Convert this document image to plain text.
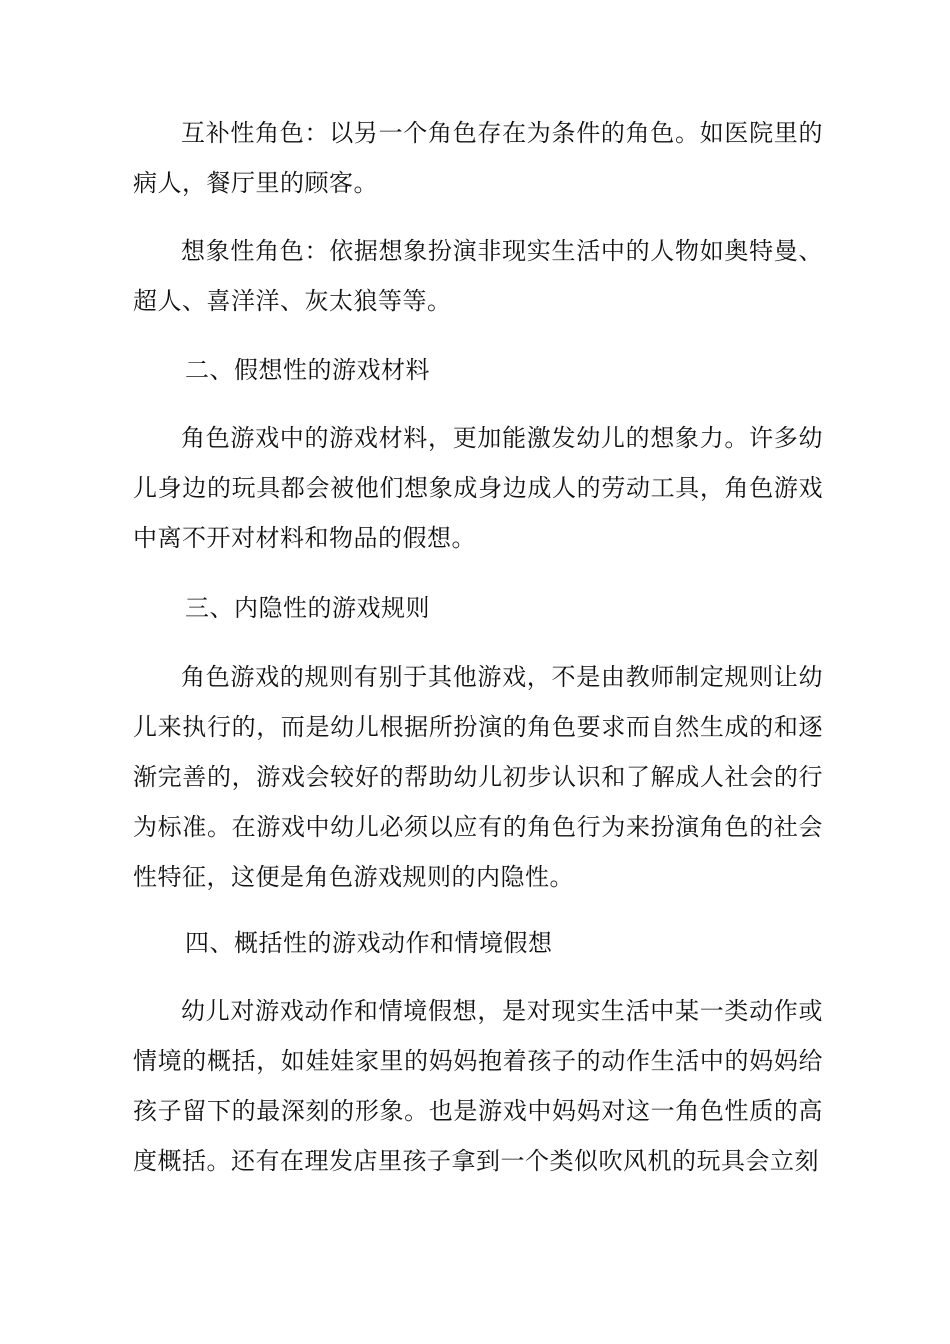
互补性角色：以另一个角色存在为条件的角色。如医院里的病人，餐厅里的顾客。

想象性角色：依据想象扮演非现实生活中的人物如奥特曼、超人、喜洋洋、灰太狼等等。

二、假想性的游戏材料

角色游戏中的游戏材料，更加能激发幼儿的想象力。许多幼儿身边的玩具都会被他们想象成身边成人的劳动工具，角色游戏中离不开对材料和物品的假想。

三、内隐性的游戏规则

角色游戏的规则有别于其他游戏，不是由教师制定规则让幼儿来执行的，而是幼儿根据所扮演的角色要求而自然生成的和逐渐完善的，游戏会较好的帮助幼儿初步认识和了解成人社会的行为标准。在游戏中幼儿必须以应有的角色行为来扮演角色的社会性特征，这便是角色游戏规则的内隐性。

四、概括性的游戏动作和情境假想

幼儿对游戏动作和情境假想，是对现实生活中某一类动作或情境的概括，如娃娃家里的妈妈抱着孩子的动作生活中的妈妈给孩子留下的最深刻的形象。也是游戏中妈妈对这一角色性质的高度概括。还有在理发店里孩子拿到一个类似吹风机的玩具会立刻
